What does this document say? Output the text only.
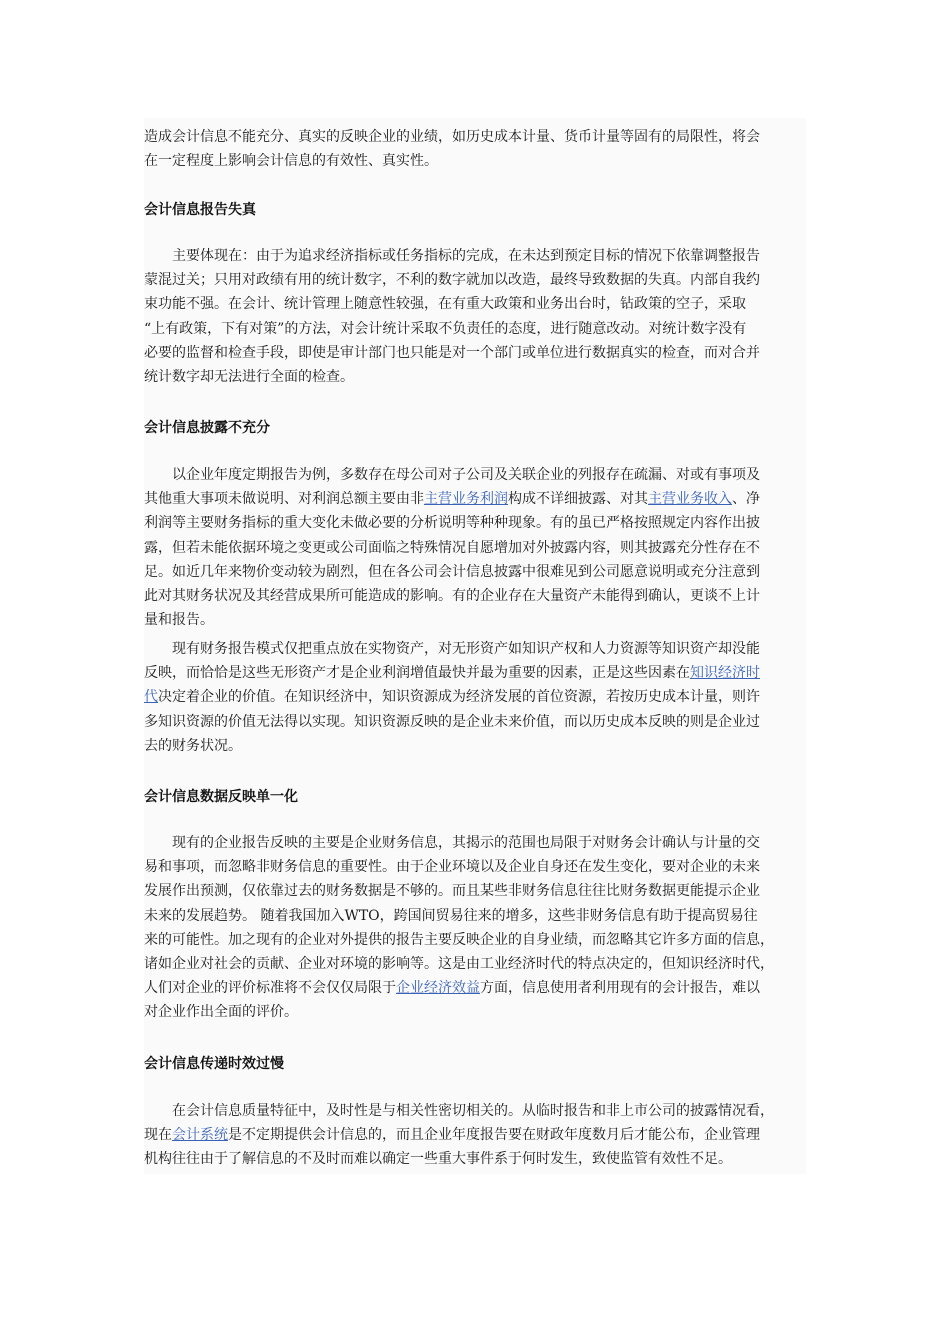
造成会计信息不能充分、真实的反映企业的业绩，如历史成本计量、货币计量等固有的局限性，将会
在一定程度上影响会计信息的有效性、真实性。

会计信息报告失真

主要体现在：由于为追求经济指标或任务指标的完成，在未达到预定目标的情况下依靠调整报告
蒙混过关；只用对政绩有用的统计数字，不利的数字就加以改造，最终导致数据的失真。内部自我约
束功能不强。在会计、统计管理上随意性较强，在有重大政策和业务出台时，钻政策的空子，采取
“上有政策，下有对策”的方法，对会计统计采取不负责任的态度，进行随意改动。对统计数字没有
必要的监督和检查手段，即使是审计部门也只能是对一个部门或单位进行数据真实的检查，而对合并
统计数字却无法进行全面的检查。

会计信息披露不充分

以企业年度定期报告为例，多数存在母公司对子公司及关联企业的列报存在疏漏、对或有事项及
其他重大事项未做说明、对利润总额主要由非主营业务利润构成不详细披露、对其主营业务收入、净
利润等主要财务指标的重大变化未做必要的分析说明等种种现象。有的虽已严格按照规定内容作出披
露，但若未能依据环境之变更或公司面临之特殊情况自愿增加对外披露内容，则其披露充分性存在不
足。如近几年来物价变动较为剧烈，但在各公司会计信息披露中很难见到公司愿意说明或充分注意到
此对其财务状况及其经营成果所可能造成的影响。有的企业存在大量资产未能得到确认，更谈不上计
量和报告。

现有财务报告模式仅把重点放在实物资产，对无形资产如知识产权和人力资源等知识资产却没能
反映，而恰恰是这些无形资产才是企业利润增值最快并最为重要的因素，正是这些因素在知识经济时
代决定着企业的价值。在知识经济中，知识资源成为经济发展的首位资源，若按历史成本计量，则许
多知识资源的价值无法得以实现。知识资源反映的是企业未来价值，而以历史成本反映的则是企业过
去的财务状况。

会计信息数据反映单一化

现有的企业报告反映的主要是企业财务信息，其揭示的范围也局限于对财务会计确认与计量的交
易和事项，而忽略非财务信息的重要性。由于企业环境以及企业自身还在发生变化，要对企业的未来
发展作出预测，仅依靠过去的财务数据是不够的。而且某些非财务信息往往比财务数据更能提示企业
未来的发展趋势。 随着我国加入WTO，跨国间贸易往来的增多，这些非财务信息有助于提高贸易往
来的可能性。加之现有的企业对外提供的报告主要反映企业的自身业绩，而忽略其它许多方面的信息，
诸如企业对社会的贡献、企业对环境的影响等。这是由工业经济时代的特点决定的，但知识经济时代，
人们对企业的评价标准将不会仅仅局限于企业经济效益方面，信息使用者利用现有的会计报告，难以
对企业作出全面的评价。

会计信息传递时效过慢

在会计信息质量特征中，及时性是与相关性密切相关的。从临时报告和非上市公司的披露情况看，
现在会计系统是不定期提供会计信息的，而且企业年度报告要在财政年度数月后才能公布，企业管理
机构往往由于了解信息的不及时而难以确定一些重大事件系于何时发生，致使监管有效性不足。
